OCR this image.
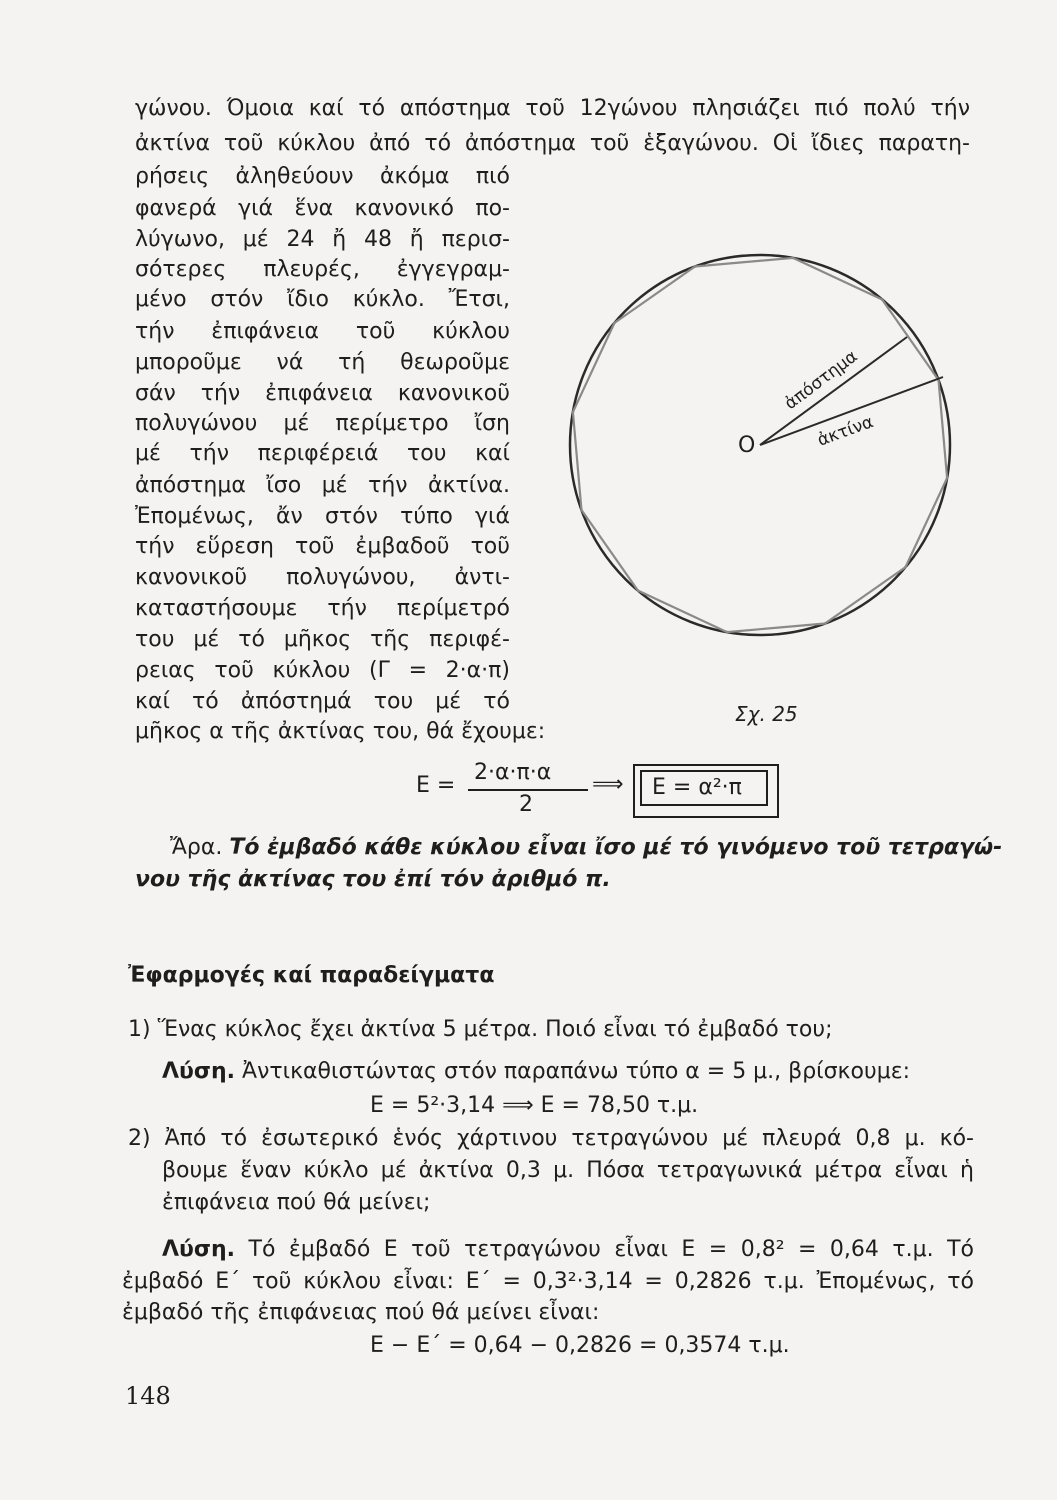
γώνου. Όμοια καί τό απόστημα τοῦ 12γώνου πλησιάζει πιό πολύ τήν
ἀκτίνα τοῦ κύκλου ἀπό τό ἀπόστημα τοῦ ἑξαγώνου. Οἱ ἴδιες παρατη-
ρήσεις ἀληθεύουν ἀκόμα πιό
φανερά γιά ἕνα κανονικό πο-
λύγωνο, μέ 24 ἤ 48 ἤ περισ-
σότερες πλευρές, ἐγγεγραμ-
μένο στόν ἴδιο κύκλο. Ἔτσι,
τήν ἐπιφάνεια τοῦ κύκλου
μποροῦμε νά τή θεωροῦμε
σάν τήν ἐπιφάνεια κανονικοῦ
πολυγώνου μέ περίμετρο ἴση
μέ τήν περιφέρειά του καί
ἀπόστημα ἴσο μέ τήν ἀκτίνα.
Ἐπομένως, ἄν στόν τύπο γιά
τήν εὕρεση τοῦ ἐμβαδοῦ τοῦ
κανονικοῦ πολυγώνου, ἀντι-
καταστήσουμε τήν περίμετρό
του μέ τό μῆκος τῆς περιφέ-
ρειας τοῦ κύκλου (Γ = 2·α·π)
καί τό ἀπόστημά του μέ τό
μῆκος α τῆς ἀκτίνας του, θά ἔχουμε:
O
ἀπόστημα
ἀκτίνα
Σχ. 25
E =
2·α·π·α
2
⟹	E = α²·π
Ἄρα. Τό ἐμβαδό κάθε κύκλου εἶναι ἴσο μέ τό γινόμενο τοῦ τετραγώ-
νου τῆς ἀκτίνας του ἐπί τόν ἀριθμό π.
Ἐφαρμογές καί παραδείγματα
1) Ἕνας κύκλος ἔχει ἀκτίνα 5 μέτρα. Ποιό εἶναι τό ἐμβαδό του;
Λύση. Ἀντικαθιστώντας στόν παραπάνω τύπο α = 5 μ., βρίσκουμε:
E = 5²·3,14 ⟹ E = 78,50 τ.μ.
2) Ἀπό τό ἐσωτερικό ἑνός χάρτινου τετραγώνου μέ πλευρά 0,8 μ. κό-
βουμε ἕναν κύκλο μέ ἀκτίνα 0,3 μ. Πόσα τετραγωνικά μέτρα εἶναι ἡ
ἐπιφάνεια πού θά μείνει;
Λύση. Τό ἐμβαδό Ε τοῦ τετραγώνου εἶναι Ε = 0,8² = 0,64 τ.μ. Τό
ἐμβαδό Ε΄ τοῦ κύκλου εἶναι: Ε΄ = 0,3²·3,14 = 0,2826 τ.μ. Ἐπομένως, τό
ἐμβαδό τῆς ἐπιφάνειας πού θά μείνει εἶναι:
Ε − Ε΄ = 0,64 − 0,2826 = 0,3574 τ.μ.
148
